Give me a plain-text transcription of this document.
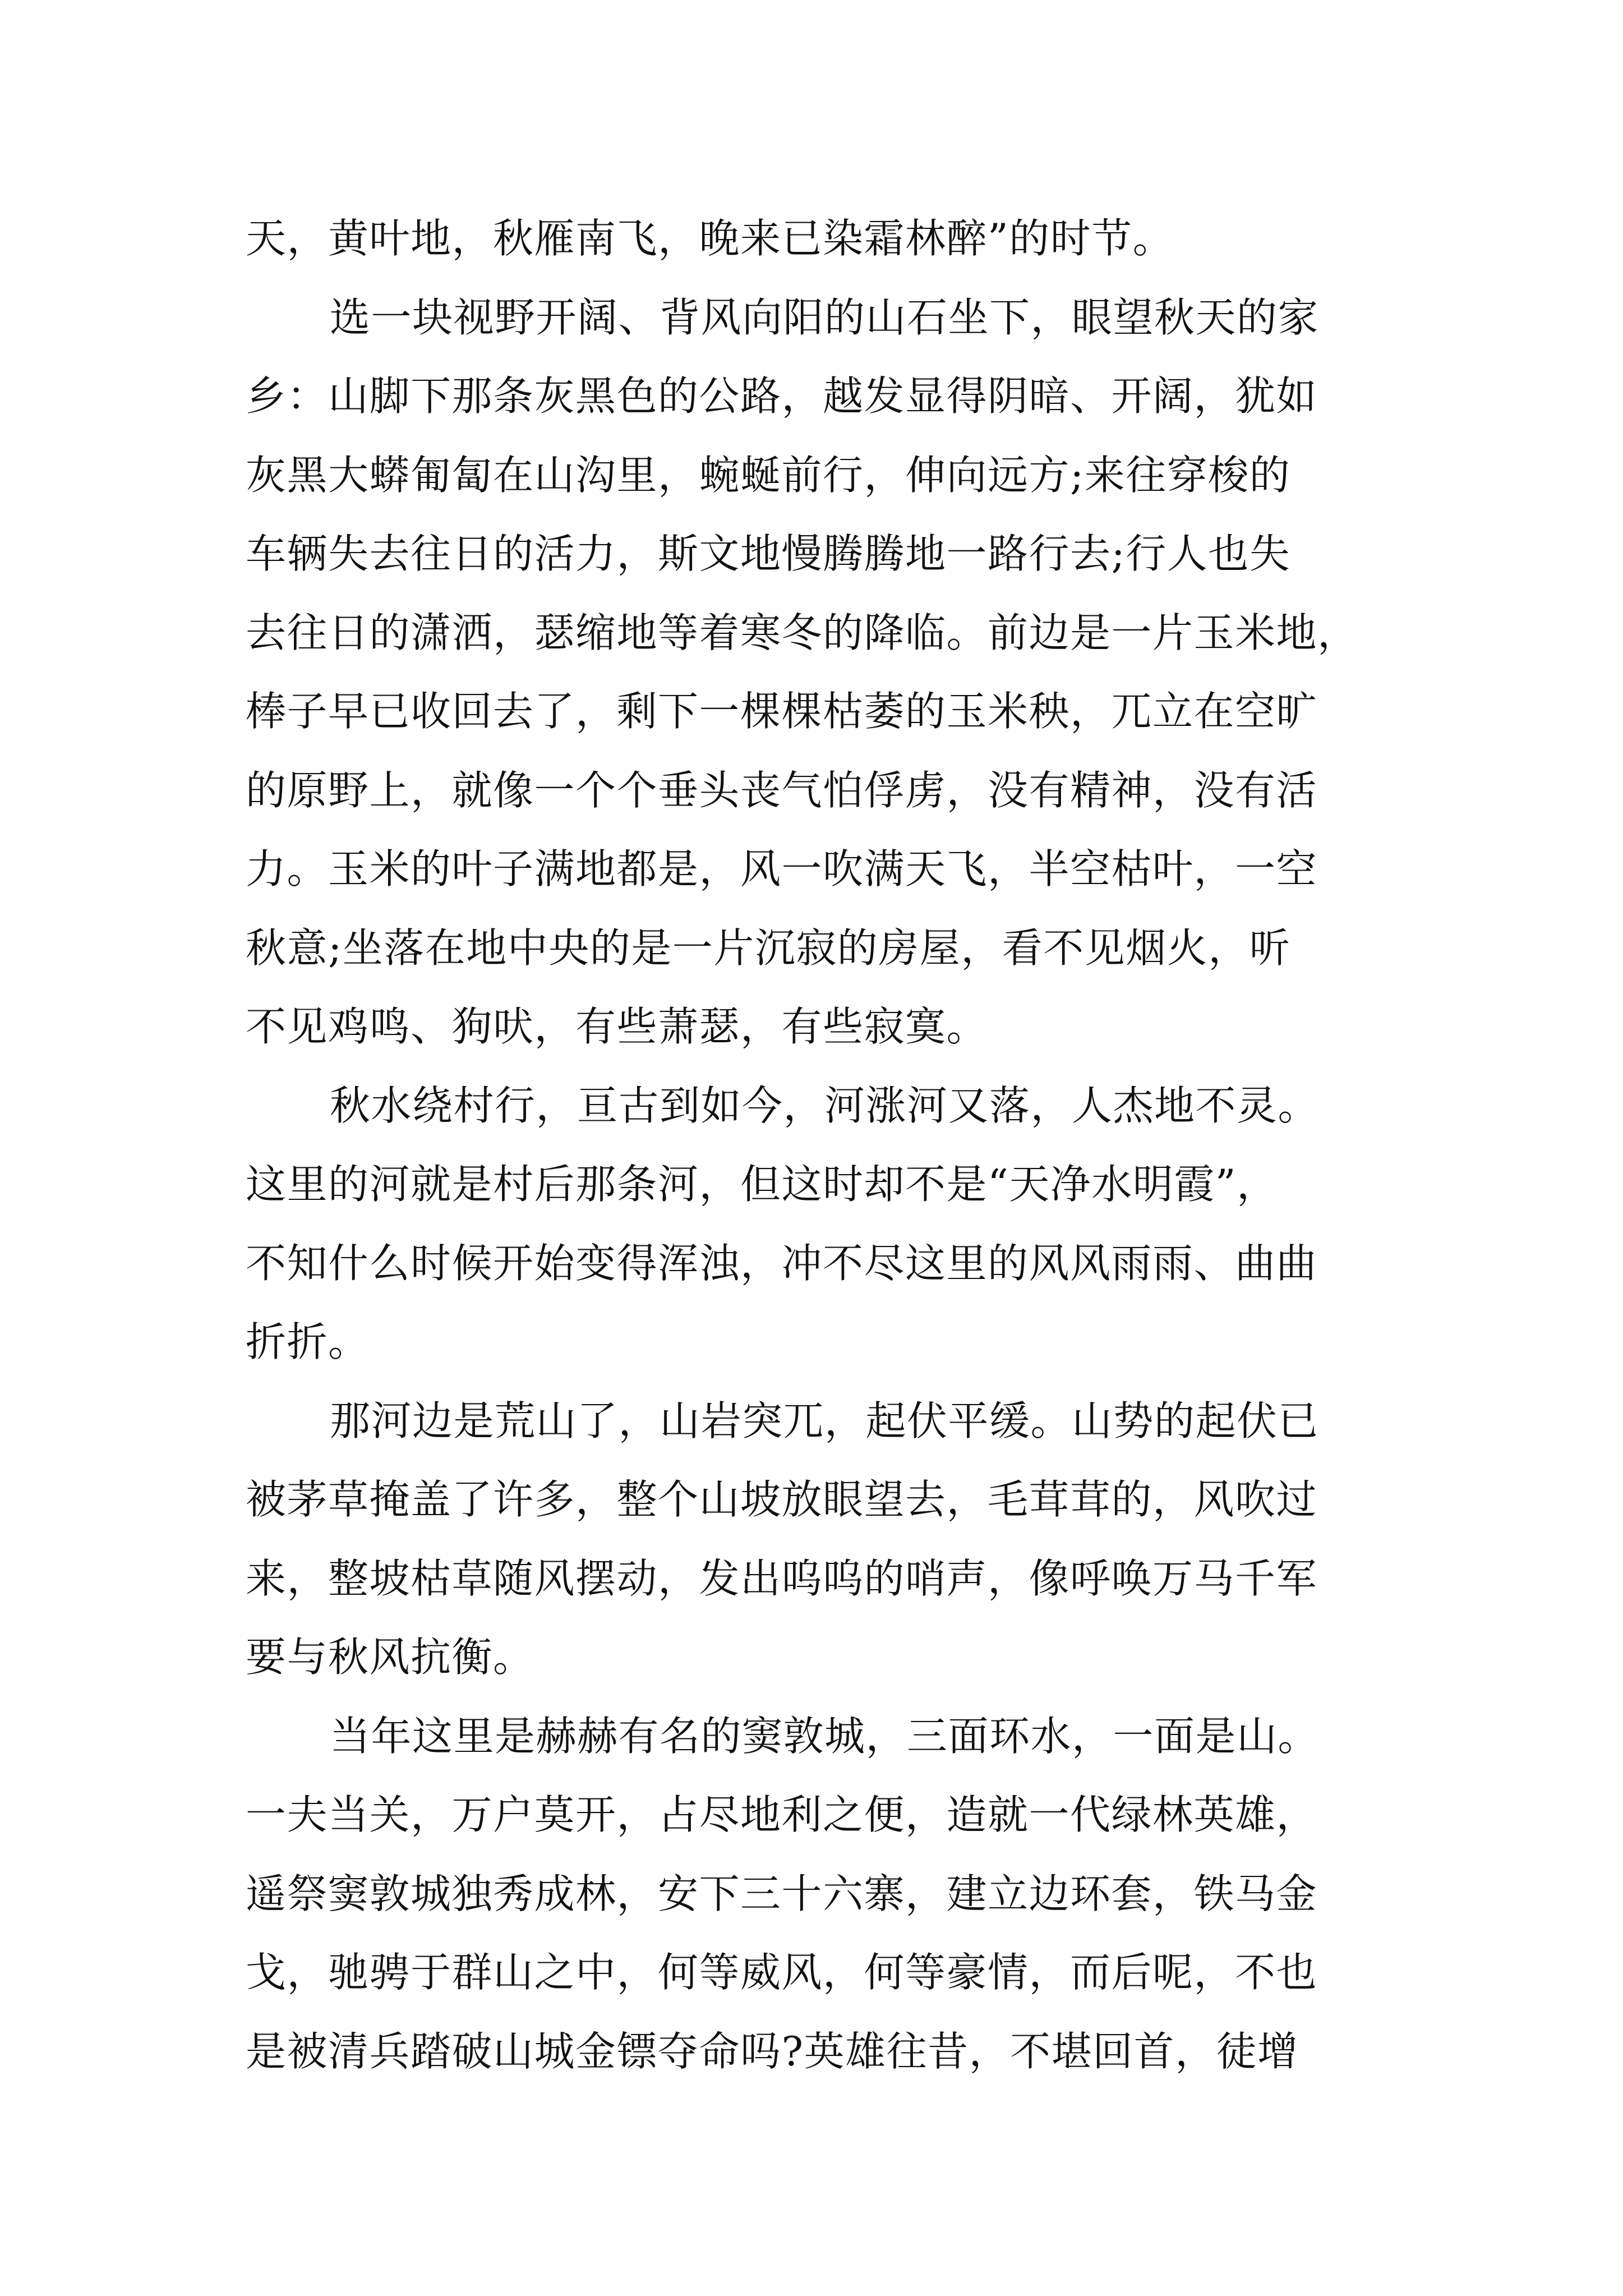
天，黄叶地，秋雁南飞，晚来已染霜林醉”的时节。
选一块视野开阔、背风向阳的山石坐下，眼望秋天的家
乡：山脚下那条灰黑色的公路，越发显得阴暗、开阔，犹如
灰黑大蟒匍匐在山沟里，蜿蜒前行，伸向远方;来往穿梭的
车辆失去往日的活力，斯文地慢腾腾地一路行去;行人也失
去往日的潇洒，瑟缩地等着寒冬的降临。前边是一片玉米地，
棒子早已收回去了，剩下一棵棵枯萎的玉米秧，兀立在空旷
的原野上，就像一个个垂头丧气怕俘虏，没有精神，没有活
力。玉米的叶子满地都是，风一吹满天飞，半空枯叶，一空
秋意;坐落在地中央的是一片沉寂的房屋，看不见烟火，听
不见鸡鸣、狗吠，有些萧瑟，有些寂寞。
秋水绕村行，亘古到如今，河涨河又落，人杰地不灵。
这里的河就是村后那条河，但这时却不是“天净水明霞”，
不知什么时候开始变得浑浊，冲不尽这里的风风雨雨、曲曲
折折。
那河边是荒山了，山岩突兀，起伏平缓。山势的起伏已
被茅草掩盖了许多，整个山坡放眼望去，毛茸茸的，风吹过
来，整坡枯草随风摆动，发出呜呜的哨声，像呼唤万马千军
要与秋风抗衡。
当年这里是赫赫有名的窦敦城，三面环水，一面是山。
一夫当关，万户莫开，占尽地利之便，造就一代绿林英雄，
遥祭窦敦城独秀成林，安下三十六寨，建立边环套，铁马金
戈，驰骋于群山之中，何等威风，何等豪情，而后呢，不也
是被清兵踏破山城金镖夺命吗?英雄往昔，不堪回首，徒增
